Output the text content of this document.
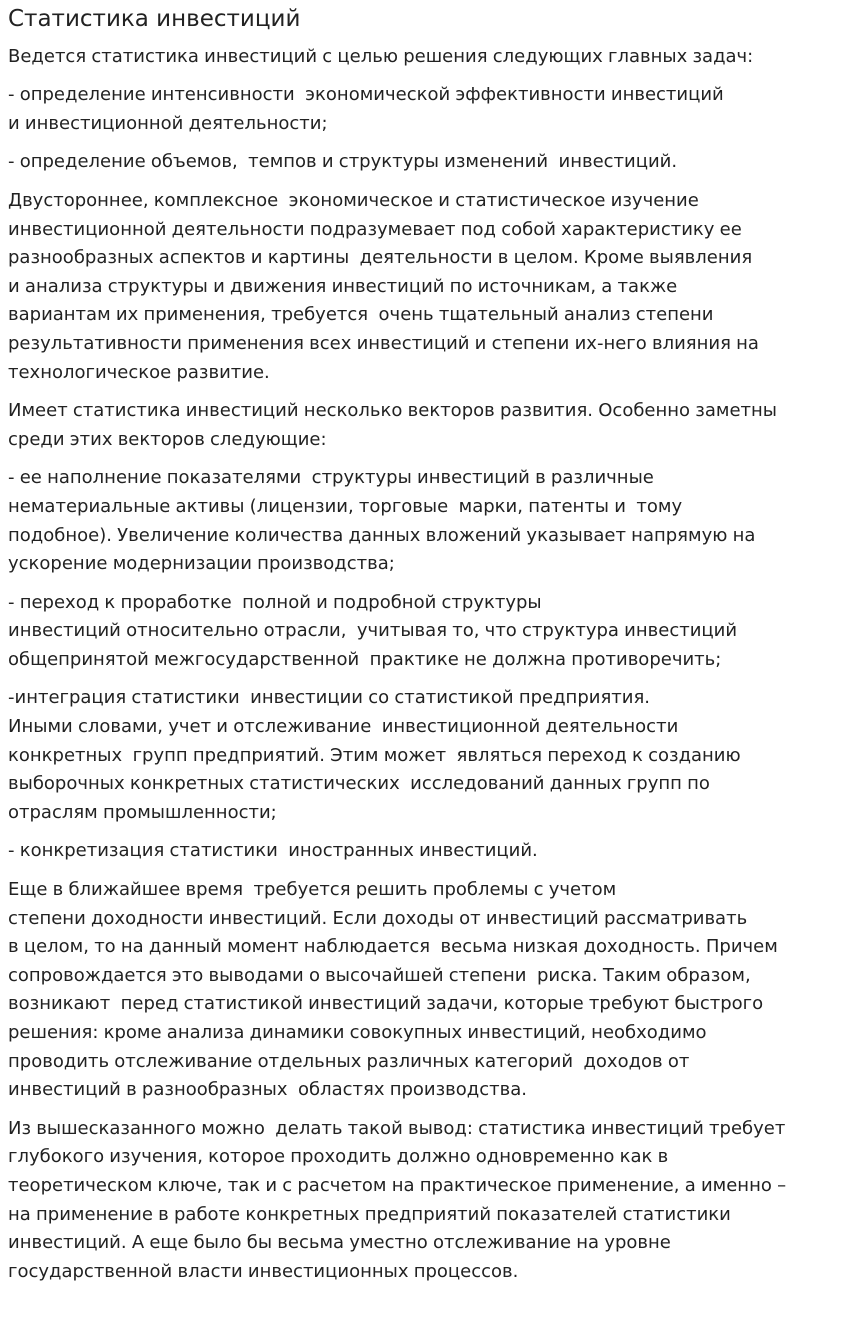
Статистика инвестиций

Ведется статистика инвестиций с целью решения следующих главных задач:

- определение интенсивности  экономической эффективности инвестиций
и инвестиционной деятельности;

- определение объемов,  темпов и структуры изменений  инвестиций.

Двустороннее, комплексное  экономическое и статистическое изучение
инвестиционной деятельности подразумевает под собой характеристику ее
разнообразных аспектов и картины  деятельности в целом. Кроме выявления
и анализа структуры и движения инвестиций по источникам, а также
вариантам их применения, требуется  очень тщательный анализ степени
результативности применения всех инвестиций и степени их-него влияния на
технологическое развитие.

Имеет статистика инвестиций несколько векторов развития. Особенно заметны
среди этих векторов следующие:

- ее наполнение показателями  структуры инвестиций в различные
нематериальные активы (лицензии, торговые  марки, патенты и  тому
подобное). Увеличение количества данных вложений указывает напрямую на
ускорение модернизации производства;

- переход к проработке  полной и подробной структуры
инвестиций относительно отрасли,  учитывая то, что структура инвестиций
общепринятой межгосударственной  практике не должна противоречить;

-интеграция статистики  инвестиции со статистикой предприятия.
Иными словами, учет и отслеживание  инвестиционной деятельности
конкретных  групп предприятий. Этим может  являться переход к созданию
выборочных конкретных статистических  исследований данных групп по
отраслям промышленности;

- конкретизация статистики  иностранных инвестиций.

Еще в ближайшее время  требуется решить проблемы с учетом
степени доходности инвестиций. Если доходы от инвестиций рассматривать
в целом, то на данный момент наблюдается  весьма низкая доходность. Причем
сопровождается это выводами о высочайшей степени  риска. Таким образом,
возникают  перед статистикой инвестиций задачи, которые требуют быстрого
решения: кроме анализа динамики совокупных инвестиций, необходимо
проводить отслеживание отдельных различных категорий  доходов от
инвестиций в разнообразных  областях производства.

Из вышесказанного можно  делать такой вывод: статистика инвестиций требует
глубокого изучения, которое проходить должно одновременно как в
теоретическом ключе, так и с расчетом на практическое применение, а именно –
на применение в работе конкретных предприятий показателей статистики
инвестиций. А еще было бы весьма уместно отслеживание на уровне
государственной власти инвестиционных процессов.
